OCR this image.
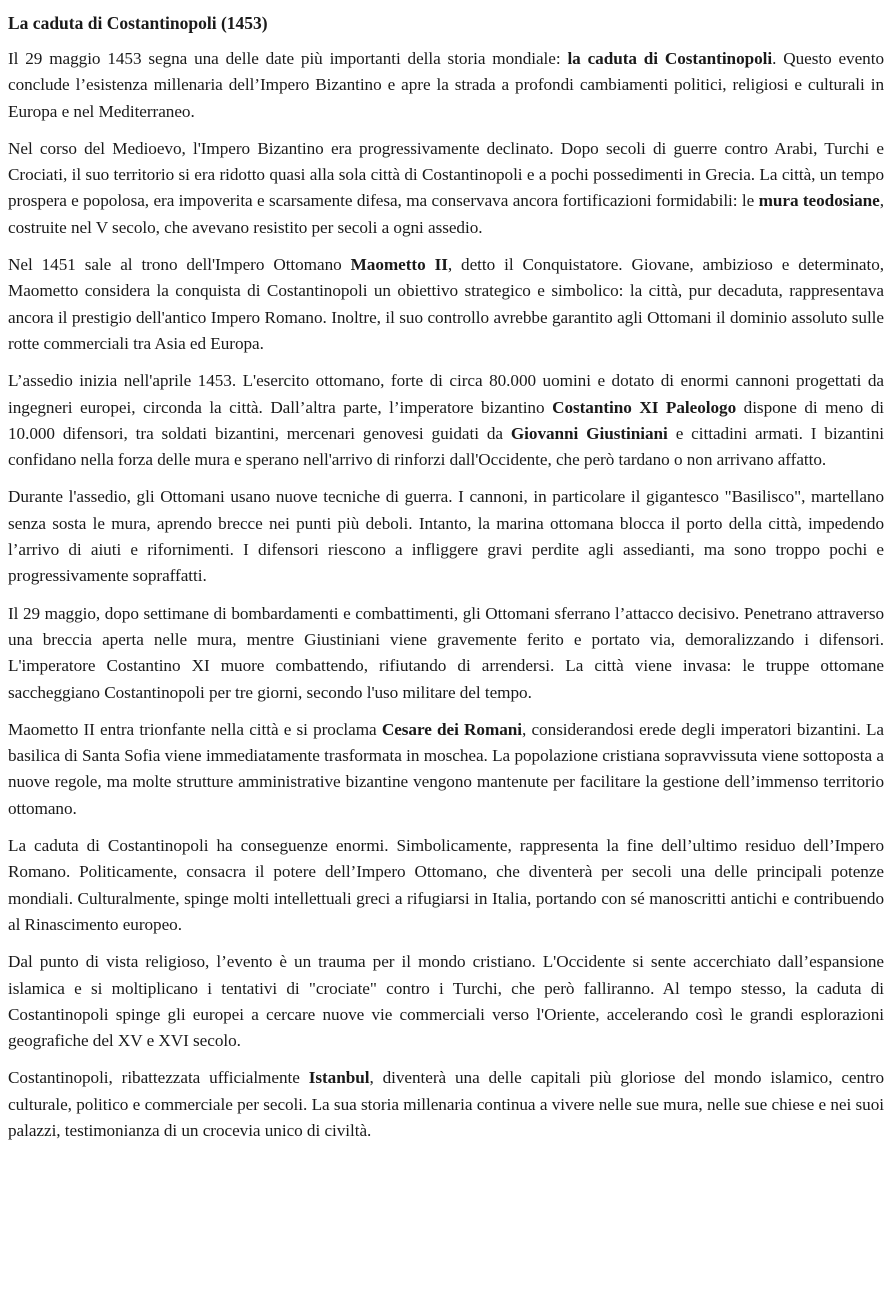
La caduta di Costantinopoli (1453)

Il 29 maggio 1453 segna una delle date più importanti della storia mondiale: la caduta di Costantinopoli. Questo evento conclude l’esistenza millenaria dell’Impero Bizantino e apre la strada a profondi cambiamenti politici, religiosi e culturali in Europa e nel Mediterraneo.

Nel corso del Medioevo, l'Impero Bizantino era progressivamente declinato. Dopo secoli di guerre contro Arabi, Turchi e Crociati, il suo territorio si era ridotto quasi alla sola città di Costantinopoli e a pochi possedimenti in Grecia. La città, un tempo prospera e popolosa, era impoverita e scarsamente difesa, ma conservava ancora fortificazioni formidabili: le mura teodosiane, costruite nel V secolo, che avevano resistito per secoli a ogni assedio.

Nel 1451 sale al trono dell'Impero Ottomano Maometto II, detto il Conquistatore. Giovane, ambizioso e determinato, Maometto considera la conquista di Costantinopoli un obiettivo strategico e simbolico: la città, pur decaduta, rappresentava ancora il prestigio dell'antico Impero Romano. Inoltre, il suo controllo avrebbe garantito agli Ottomani il dominio assoluto sulle rotte commerciali tra Asia ed Europa.

L’assedio inizia nell'aprile 1453. L'esercito ottomano, forte di circa 80.000 uomini e dotato di enormi cannoni progettati da ingegneri europei, circonda la città. Dall’altra parte, l’imperatore bizantino Costantino XI Paleologo dispone di meno di 10.000 difensori, tra soldati bizantini, mercenari genovesi guidati da Giovanni Giustiniani e cittadini armati. I bizantini confidano nella forza delle mura e sperano nell'arrivo di rinforzi dall'Occidente, che però tardano o non arrivano affatto.

Durante l'assedio, gli Ottomani usano nuove tecniche di guerra. I cannoni, in particolare il gigantesco "Basilisco", martellano senza sosta le mura, aprendo brecce nei punti più deboli. Intanto, la marina ottomana blocca il porto della città, impedendo l’arrivo di aiuti e rifornimenti. I difensori riescono a infliggere gravi perdite agli assedianti, ma sono troppo pochi e progressivamente sopraffatti.

Il 29 maggio, dopo settimane di bombardamenti e combattimenti, gli Ottomani sferrano l’attacco decisivo. Penetrano attraverso una breccia aperta nelle mura, mentre Giustiniani viene gravemente ferito e portato via, demoralizzando i difensori. L'imperatore Costantino XI muore combattendo, rifiutando di arrendersi. La città viene invasa: le truppe ottomane saccheggiano Costantinopoli per tre giorni, secondo l'uso militare del tempo.

Maometto II entra trionfante nella città e si proclama Cesare dei Romani, considerandosi erede degli imperatori bizantini. La basilica di Santa Sofia viene immediatamente trasformata in moschea. La popolazione cristiana sopravvissuta viene sottoposta a nuove regole, ma molte strutture amministrative bizantine vengono mantenute per facilitare la gestione dell’immenso territorio ottomano.

La caduta di Costantinopoli ha conseguenze enormi. Simbolicamente, rappresenta la fine dell’ultimo residuo dell’Impero Romano. Politicamente, consacra il potere dell’Impero Ottomano, che diventerà per secoli una delle principali potenze mondiali. Culturalmente, spinge molti intellettuali greci a rifugiarsi in Italia, portando con sé manoscritti antichi e contribuendo al Rinascimento europeo.

Dal punto di vista religioso, l’evento è un trauma per il mondo cristiano. L'Occidente si sente accerchiato dall’espansione islamica e si moltiplicano i tentativi di "crociate" contro i Turchi, che però falliranno. Al tempo stesso, la caduta di Costantinopoli spinge gli europei a cercare nuove vie commerciali verso l'Oriente, accelerando così le grandi esplorazioni geografiche del XV e XVI secolo.

Costantinopoli, ribattezzata ufficialmente Istanbul, diventerà una delle capitali più gloriose del mondo islamico, centro culturale, politico e commerciale per secoli. La sua storia millenaria continua a vivere nelle sue mura, nelle sue chiese e nei suoi palazzi, testimonianza di un crocevia unico di civiltà.
